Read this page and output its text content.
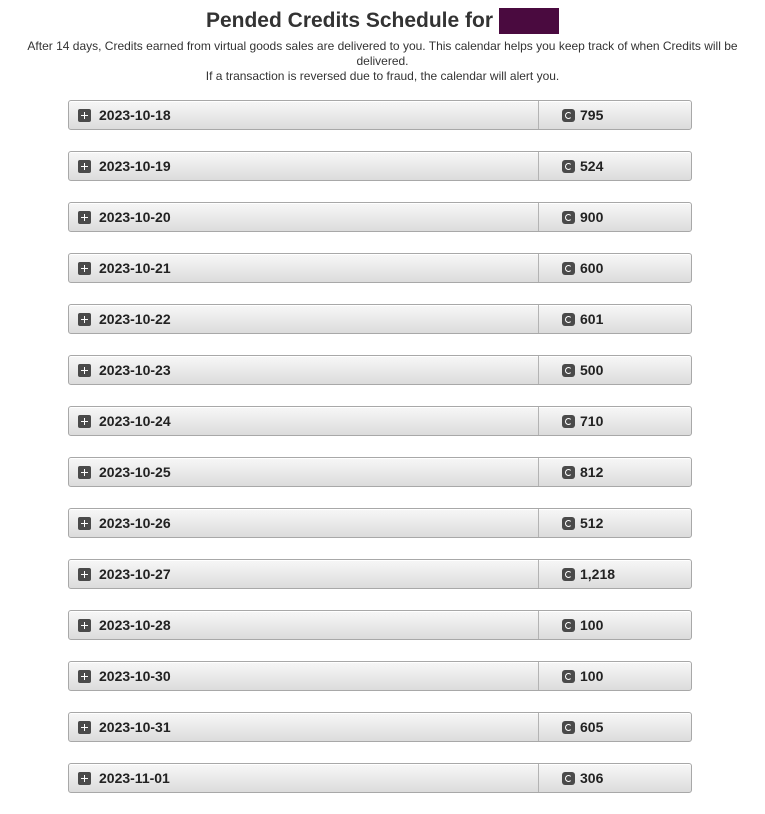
Pended Credits Schedule for

After 14 days, Credits earned from virtual goods sales are delivered to you. This calendar helps you keep track of when Credits will be delivered.
If a transaction is reversed due to fraud, the calendar will alert you.

2023-10-18	795
2023-10-19	524
2023-10-20	900
2023-10-21	600
2023-10-22	601
2023-10-23	500
2023-10-24	710
2023-10-25	812
2023-10-26	512
2023-10-27	1,218
2023-10-28	100
2023-10-30	100
2023-10-31	605
2023-11-01	306
